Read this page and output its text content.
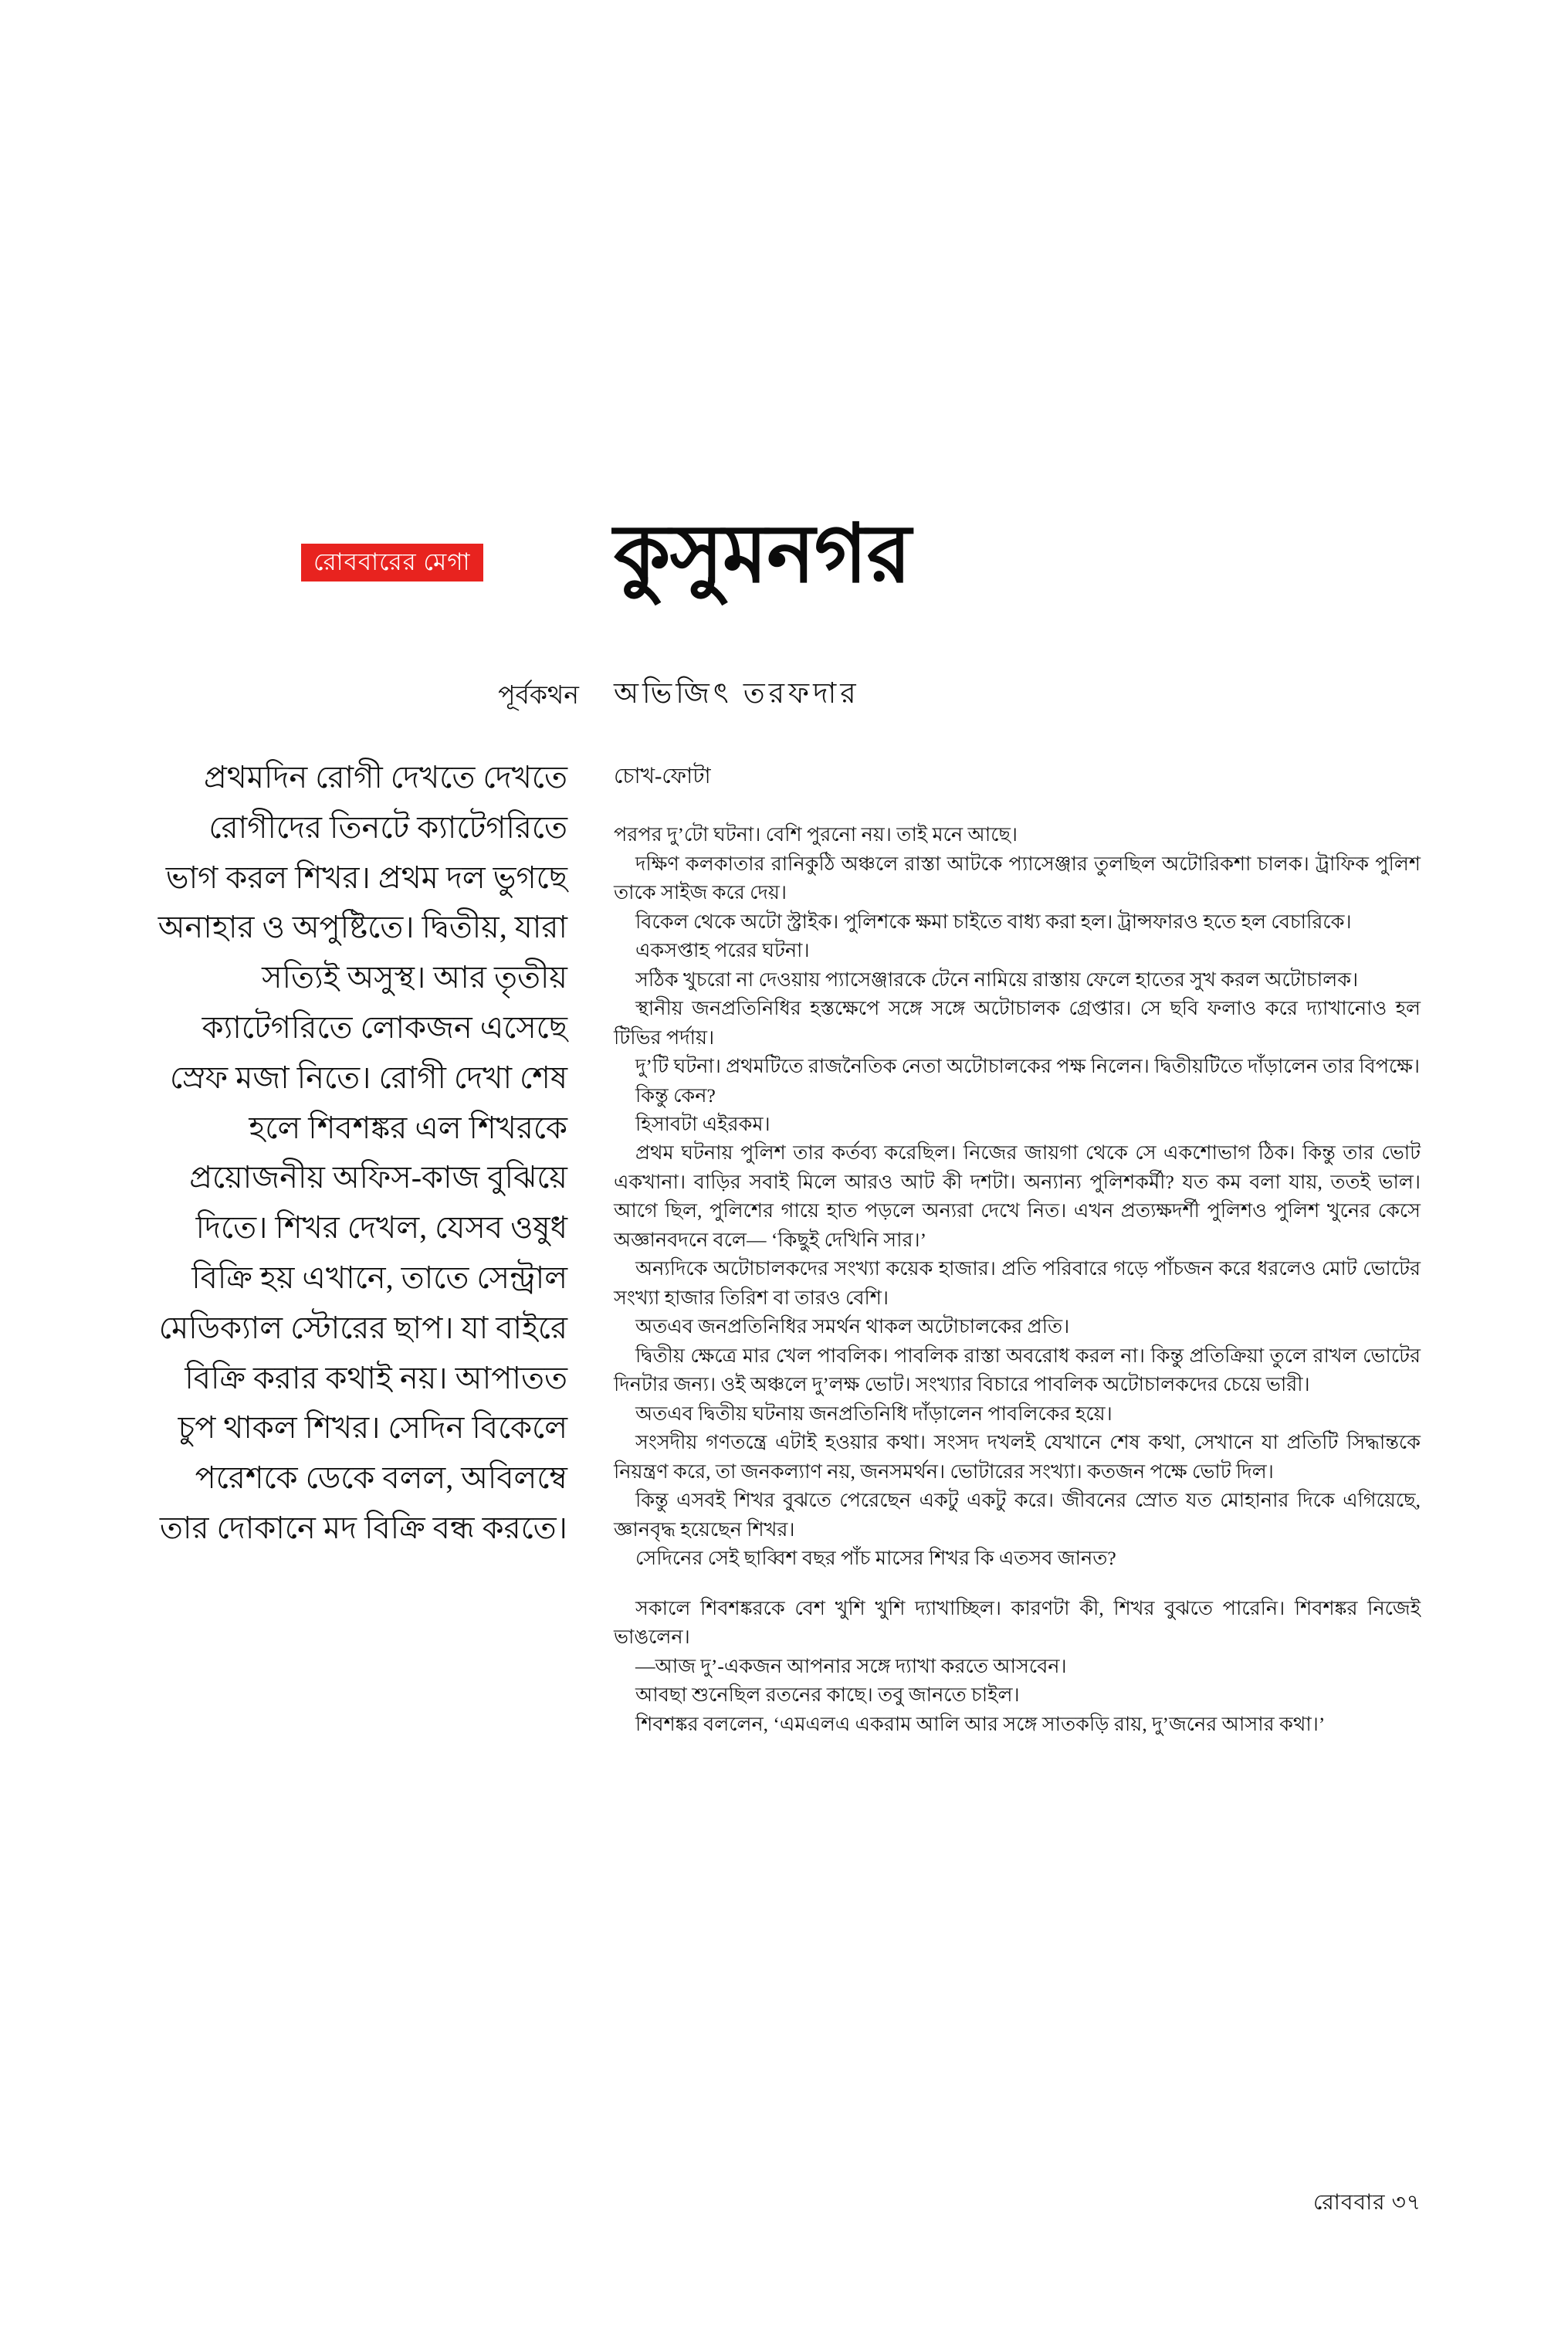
রোববারের মেগা কুসুমনগর
পূর্বকথন অভিজিৎ তরফদার
প্রথমদিন রোগী দেখতে দেখতে রোগীদের তিনটে ক্যাটেগরিতে ভাগ করল শিখর। প্রথম দল ভুগছে অনাহার ও অপুষ্টিতে। দ্বিতীয়, যারা সত্যিই অসুস্থ। আর তৃতীয় ক্যাটেগরিতে লোকজন এসেছে স্রেফ মজা নিতে। রোগী দেখা শেষ হলে শিবশঙ্কর এল শিখরকে প্রয়োজনীয় অফিস-কাজ বুঝিয়ে দিতে। শিখর দেখল, যেসব ওষুধ বিক্রি হয় এখানে, তাতে সেন্ট্রাল মেডিক্যাল স্টোরের ছাপ। যা বাইরে বিক্রি করার কথাই নয়। আপাতত চুপ থাকল শিখর। সেদিন বিকেলে পরেশকে ডেকে বলল, অবিলম্বে তার দোকানে মদ বিক্রি বন্ধ করতে।
চোখ-ফোটা

পরপর দু’টো ঘটনা। বেশি পুরনো নয়। তাই মনে আছে।

দক্ষিণ কলকাতার রানিকুঠি অঞ্চলে রাস্তা আটকে প্যাসেঞ্জার তুলছিল অটোরিকশা চালক। ট্রাফিক পুলিশ তাকে সাইজ করে দেয়।

বিকেল থেকে অটো স্ট্রাইক। পুলিশকে ক্ষমা চাইতে বাধ্য করা হল। ট্রান্সফারও হতে হল বেচারিকে।

একসপ্তাহ পরের ঘটনা।

সঠিক খুচরো না দেওয়ায় প্যাসেঞ্জারকে টেনে নামিয়ে রাস্তায় ফেলে হাতের সুখ করল অটোচালক।

স্থানীয় জনপ্রতিনিধির হস্তক্ষেপে সঙ্গে সঙ্গে অটোচালক গ্রেপ্তার। সে ছবি ফলাও করে দ্যাখানোও হল টিভির পর্দায়।

দু’টি ঘটনা। প্রথমটিতে রাজনৈতিক নেতা অটোচালকের পক্ষ নিলেন। দ্বিতীয়টিতে দাঁড়ালেন তার বিপক্ষে।

কিন্তু কেন?

হিসাবটা এইরকম।

প্রথম ঘটনায় পুলিশ তার কর্তব্য করেছিল। নিজের জায়গা থেকে সে একশোভাগ ঠিক। কিন্তু তার ভোট একখানা। বাড়ির সবাই মিলে আরও আট কী দশটা। অন্যান্য পুলিশকর্মী? যত কম বলা যায়, ততই ভাল। আগে ছিল, পুলিশের গায়ে হাত পড়লে অন্যরা দেখে নিত। এখন প্রত্যক্ষদর্শী পুলিশও পুলিশ খুনের কেসে অজ্ঞানবদনে বলে— ‘কিছুই দেখিনি সার।’

অন্যদিকে অটোচালকদের সংখ্যা কয়েক হাজার। প্রতি পরিবারে গড়ে পাঁচজন করে ধরলেও মোট ভোটের সংখ্যা হাজার তিরিশ বা তারও বেশি।

অতএব জনপ্রতিনিধির সমর্থন থাকল অটোচালকের প্রতি।

দ্বিতীয় ক্ষেত্রে মার খেল পাবলিক। পাবলিক রাস্তা অবরোধ করল না। কিন্তু প্রতিক্রিয়া তুলে রাখল ভোটের দিনটার জন্য। ওই অঞ্চলে দু’লক্ষ ভোট। সংখ্যার বিচারে পাবলিক অটোচালকদের চেয়ে ভারী।

অতএব দ্বিতীয় ঘটনায় জনপ্রতিনিধি দাঁড়ালেন পাবলিকের হয়ে।

সংসদীয় গণতন্ত্রে এটাই হওয়ার কথা। সংসদ দখলই যেখানে শেষ কথা, সেখানে যা প্রতিটি সিদ্ধান্তকে নিয়ন্ত্রণ করে, তা জনকল্যাণ নয়, জনসমর্থন। ভোটারের সংখ্যা। কতজন পক্ষে ভোট দিল।

কিন্তু এসবই শিখর বুঝতে পেরেছেন একটু একটু করে। জীবনের স্রোত যত মোহানার দিকে এগিয়েছে, জ্ঞানবৃদ্ধ হয়েছেন শিখর।

সেদিনের সেই ছাব্বিশ বছর পাঁচ মাসের শিখর কি এতসব জানত?

সকালে শিবশঙ্করকে বেশ খুশি খুশি দ্যাখাচ্ছিল। কারণটা কী, শিখর বুঝতে পারেনি। শিবশঙ্কর নিজেই ভাঙলেন।

—আজ দু’-একজন আপনার সঙ্গে দ্যাখা করতে আসবেন।

আবছা শুনেছিল রতনের কাছে। তবু জানতে চাইল।

শিবশঙ্কর বললেন, ‘এমএলএ একরাম আলি আর সঙ্গে সাতকড়ি রায়, দু’জনের আসার কথা।’

রোববার ৩৭
